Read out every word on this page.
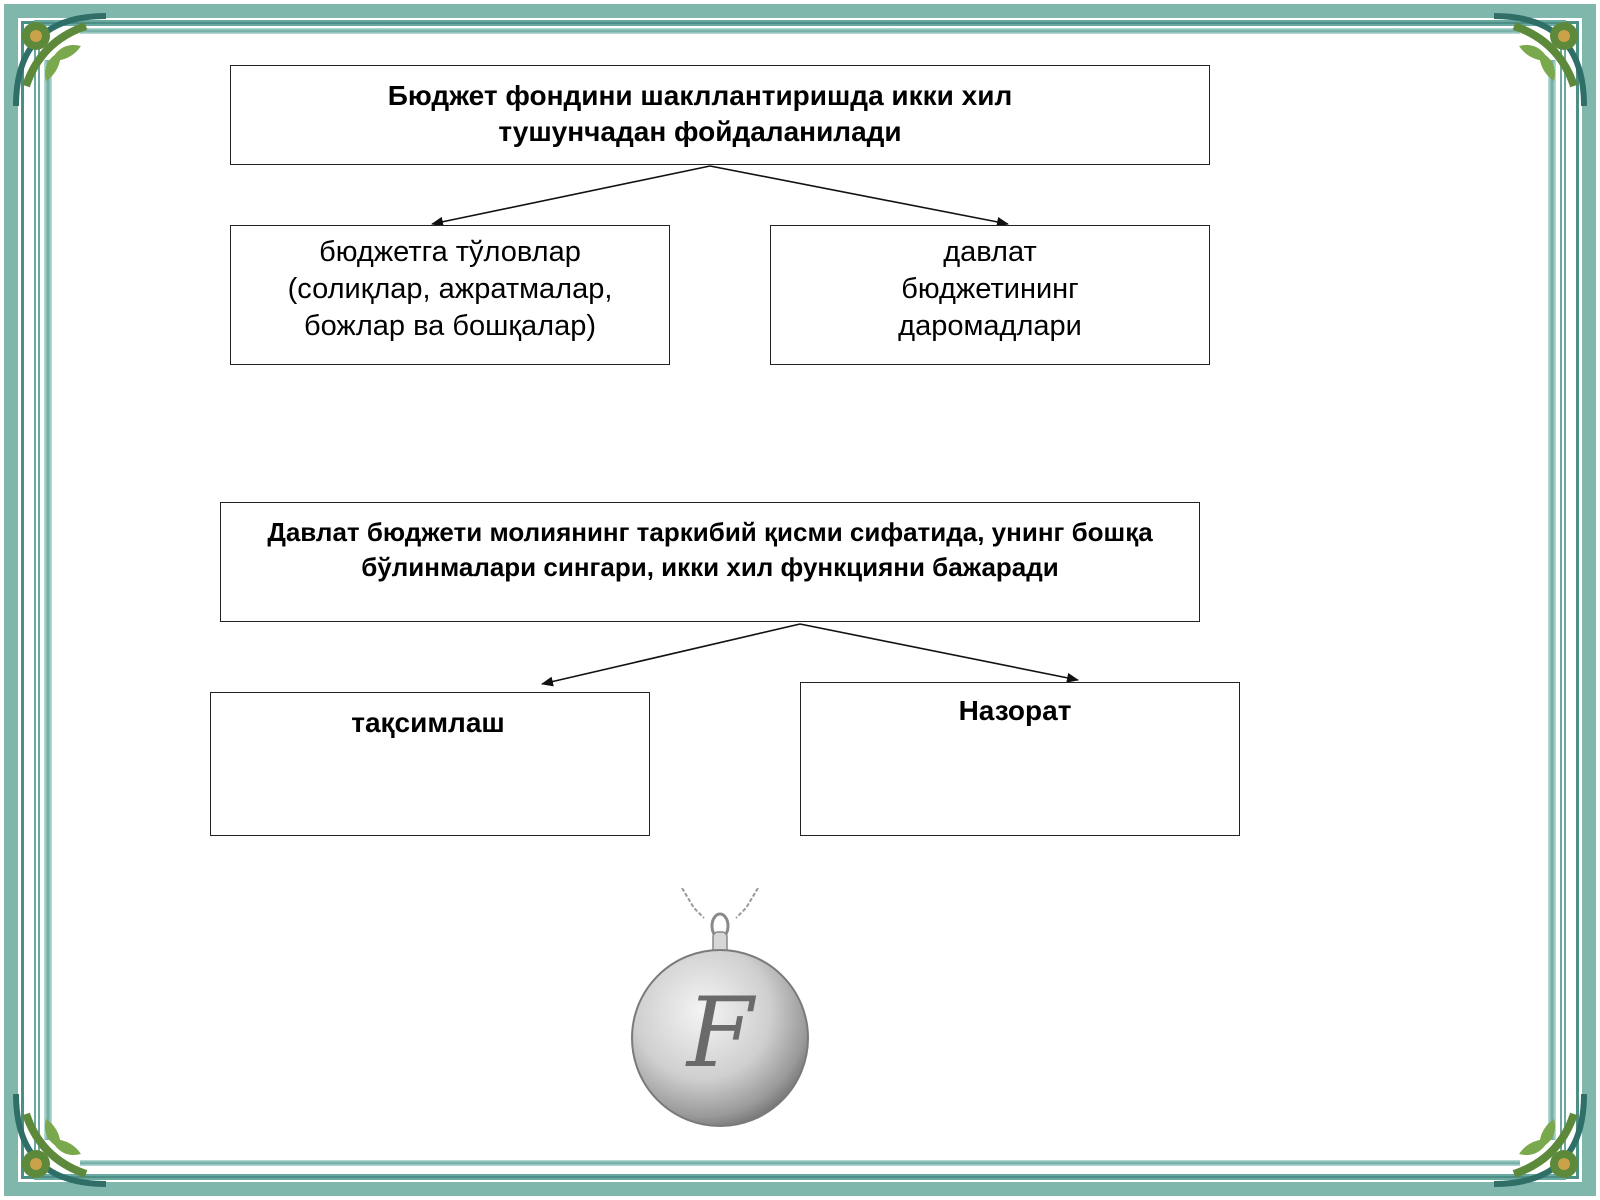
Бюджет фондини шакллантиришда икки хил тушунчадан фойдаланилади
бюджетга тўловлар (солиқлар, ажратмалар, божлар ва бошқалар)
давлат бюджетининг даромадлари
Давлат бюджети молиянинг таркибий қисми сифатида, унинг бошқа бўлинмалари сингари, икки хил функцияни бажаради
тақсимлаш	Назорат
F
